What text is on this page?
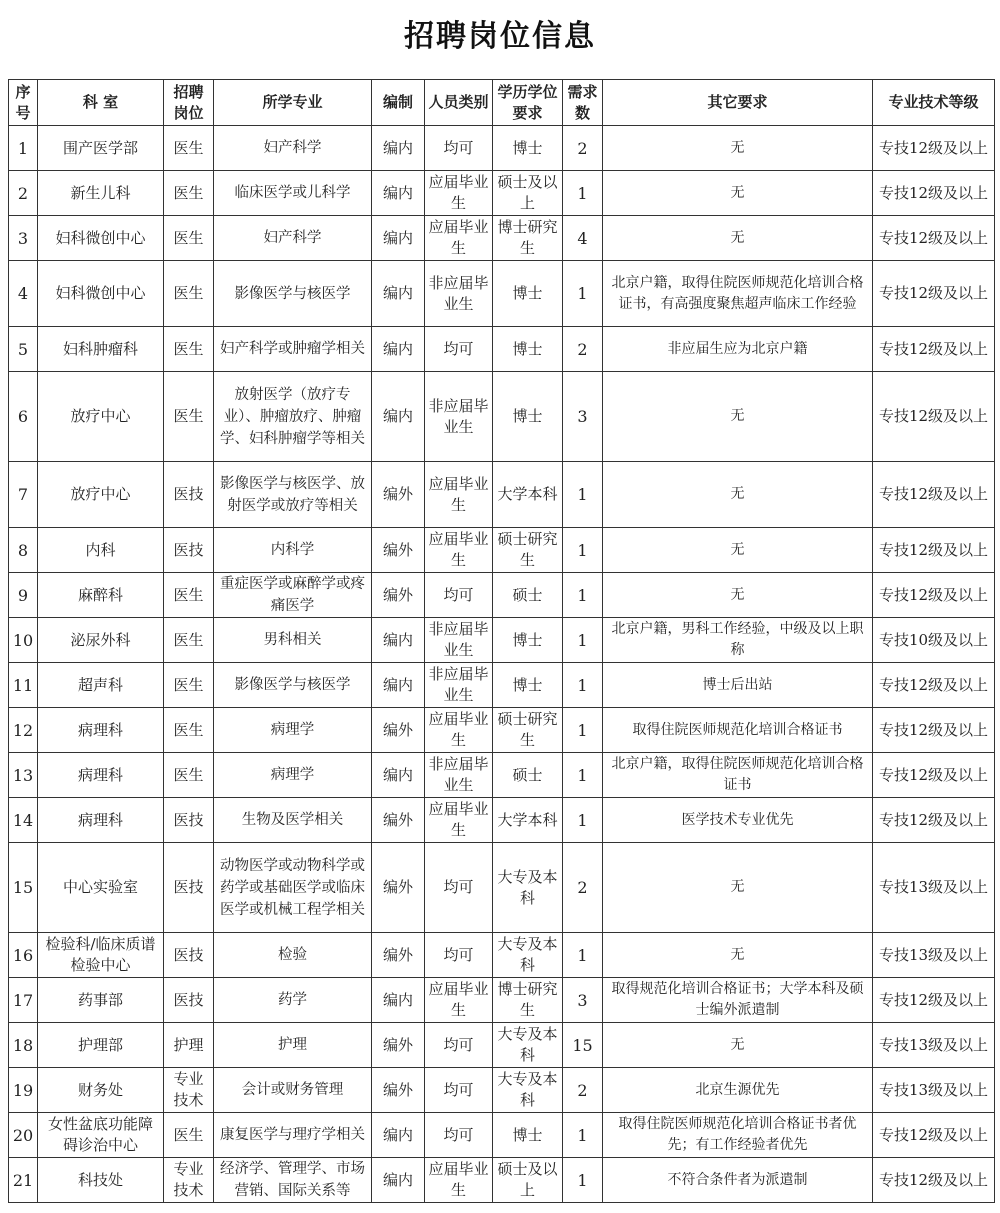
招聘岗位信息
序号	科 室	招聘岗位	所学专业	编制	人员类别	学历学位要求	需求数	其它要求	专业技术等级
1	围产医学部	医生	妇产科学	编内	均可	博士	2	无	专技12级及以上
2	新生儿科	医生	临床医学或儿科学	编内	应届毕业生	硕士及以上	1	无	专技12级及以上
3	妇科微创中心	医生	妇产科学	编内	应届毕业生	博士研究生	4	无	专技12级及以上
4	妇科微创中心	医生	影像医学与核医学	编内	非应届毕业生	博士	1	北京户籍，取得住院医师规范化培训合格证书，有高强度聚焦超声临床工作经验	专技12级及以上
5	妇科肿瘤科	医生	妇产科学或肿瘤学相关	编内	均可	博士	2	非应届生应为北京户籍	专技12级及以上
6	放疗中心	医生	放射医学（放疗专业）、肿瘤放疗、肿瘤学、妇科肿瘤学等相关	编内	非应届毕业生	博士	3	无	专技12级及以上
7	放疗中心	医技	影像医学与核医学、放射医学或放疗等相关	编外	应届毕业生	大学本科	1	无	专技12级及以上
8	内科	医技	内科学	编外	应届毕业生	硕士研究生	1	无	专技12级及以上
9	麻醉科	医生	重症医学或麻醉学或疼痛医学	编外	均可	硕士	1	无	专技12级及以上
10	泌尿外科	医生	男科相关	编内	非应届毕业生	博士	1	北京户籍，男科工作经验，中级及以上职称	专技10级及以上
11	超声科	医生	影像医学与核医学	编内	非应届毕业生	博士	1	博士后出站	专技12级及以上
12	病理科	医生	病理学	编外	应届毕业生	硕士研究生	1	取得住院医师规范化培训合格证书	专技12级及以上
13	病理科	医生	病理学	编内	非应届毕业生	硕士	1	北京户籍，取得住院医师规范化培训合格证书	专技12级及以上
14	病理科	医技	生物及医学相关	编外	应届毕业生	大学本科	1	医学技术专业优先	专技12级及以上
15	中心实验室	医技	动物医学或动物科学或药学或基础医学或临床医学或机械工程学相关	编外	均可	大专及本科	2	无	专技13级及以上
16	检验科/临床质谱检验中心	医技	检验	编外	均可	大专及本科	1	无	专技13级及以上
17	药事部	医技	药学	编内	应届毕业生	博士研究生	3	取得规范化培训合格证书；大学本科及硕士编外派遣制	专技12级及以上
18	护理部	护理	护理	编外	均可	大专及本科	15	无	专技13级及以上
19	财务处	专业技术	会计或财务管理	编外	均可	大专及本科	2	北京生源优先	专技13级及以上
20	女性盆底功能障碍诊治中心	医生	康复医学与理疗学相关	编内	均可	博士	1	取得住院医师规范化培训合格证书者优先；有工作经验者优先	专技12级及以上
21	科技处	专业技术	经济学、管理学、市场营销、国际关系等	编内	应届毕业生	硕士及以上	1	不符合条件者为派遣制	专技12级及以上
